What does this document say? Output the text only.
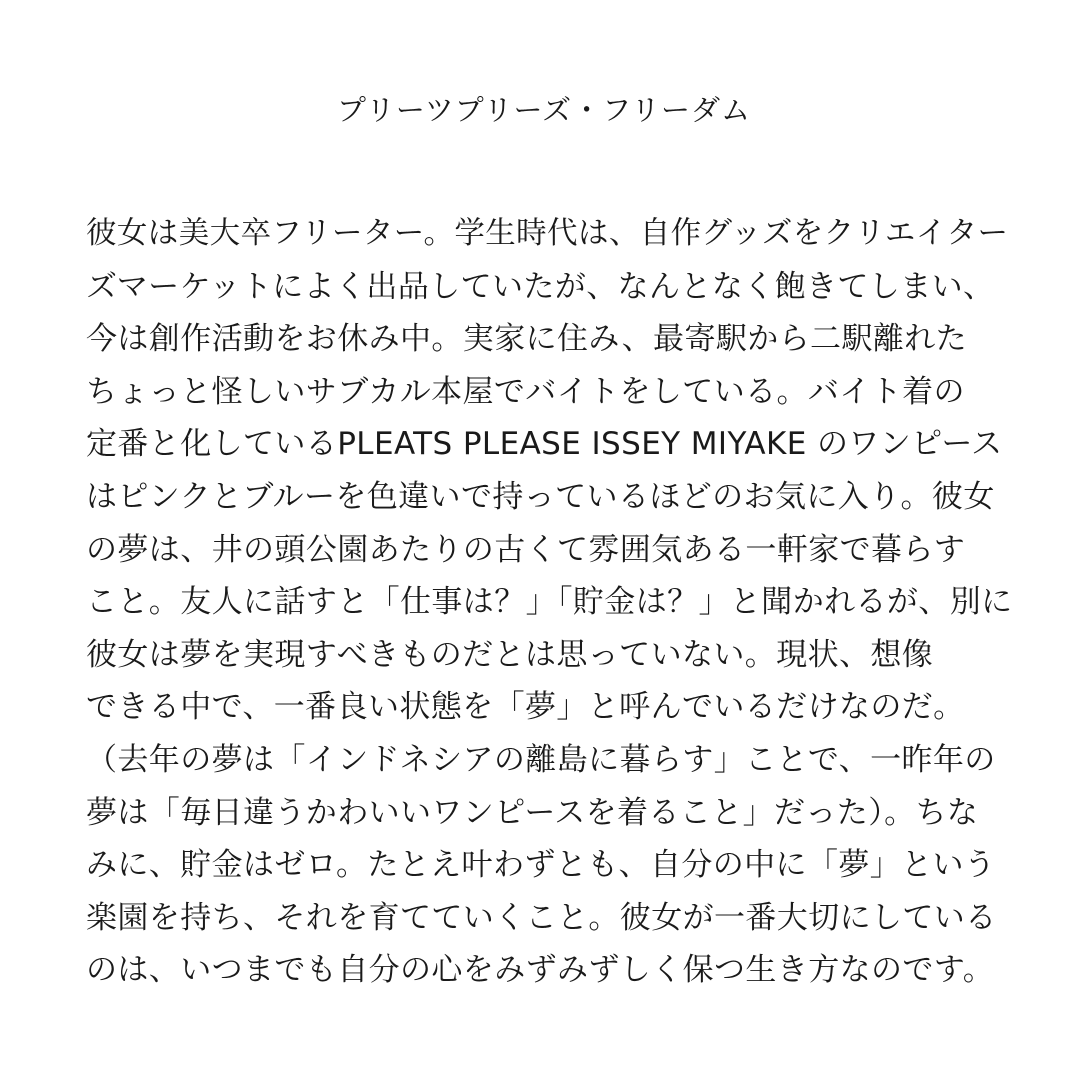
プリーツプリーズ・フリーダム
彼女は美大卒フリーター。学生時代は、自作グッズをクリエイター
ズマーケットによく出品していたが、なんとなく飽きてしまい、
今は創作活動をお休み中。実家に住み、最寄駅から二駅離れた
ちょっと怪しいサブカル本屋でバイトをしている。バイト着の
定番と化しているPLEATS PLEASE ISSEY MIYAKE のワンピース
はピンクとブルーを色違いで持っているほどのお気に入り。彼女
の夢は、井の頭公園あたりの古くて雰囲気ある一軒家で暮らす
こと。友人に話すと「仕事は？」「貯金は？」と聞かれるが、別に
彼女は夢を実現すべきものだとは思っていない。現状、想像
できる中で、一番良い状態を「夢」と呼んでいるだけなのだ。
（去年の夢は「インドネシアの離島に暮らす」ことで、一昨年の
夢は「毎日違うかわいいワンピースを着ること」だった）。ちな
みに、貯金はゼロ。たとえ叶わずとも、自分の中に「夢」という
楽園を持ち、それを育てていくこと。彼女が一番大切にしている
のは、いつまでも自分の心をみずみずしく保つ生き方なのです。
